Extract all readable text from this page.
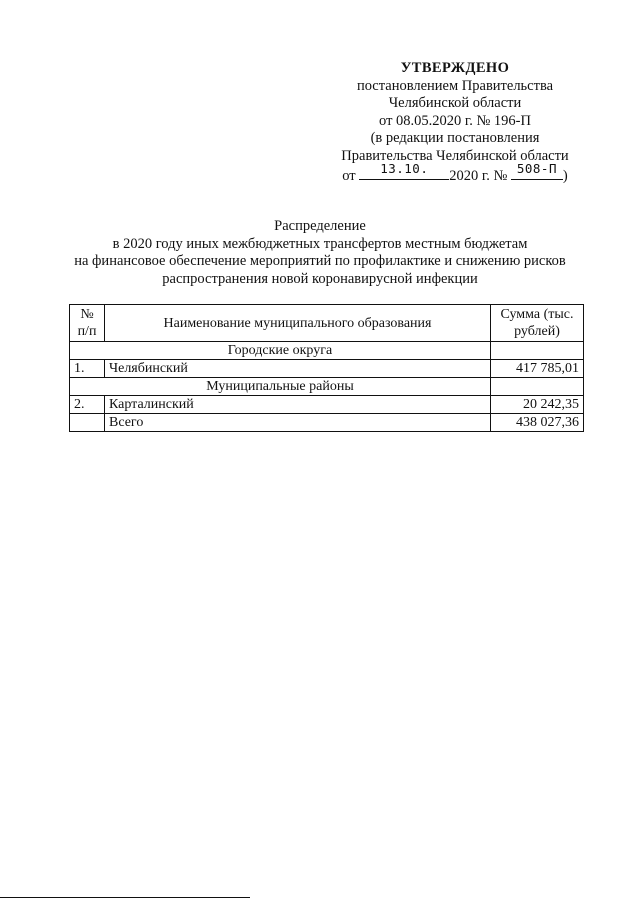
УТВЕРЖДЕНО
постановлением Правительства
Челябинской области
от 08.05.2020 г. № 196-П
(в редакции постановления
Правительства Челябинской области
от	13.10.	2020 г. № 508-П )
Распределение
в 2020 году иных межбюджетных трансфертов местным бюджетам
на финансовое обеспечение мероприятий по профилактике и снижению рисков
распространения новой коронавирусной инфекции
№ п/п	Наименование муниципального образования	Сумма (тыс. рублей)
Городские округа		
1.	Челябинский	417 785,01
Муниципальные районы		
2.	Карталинский	20 242,35
	Всего	438 027,36
